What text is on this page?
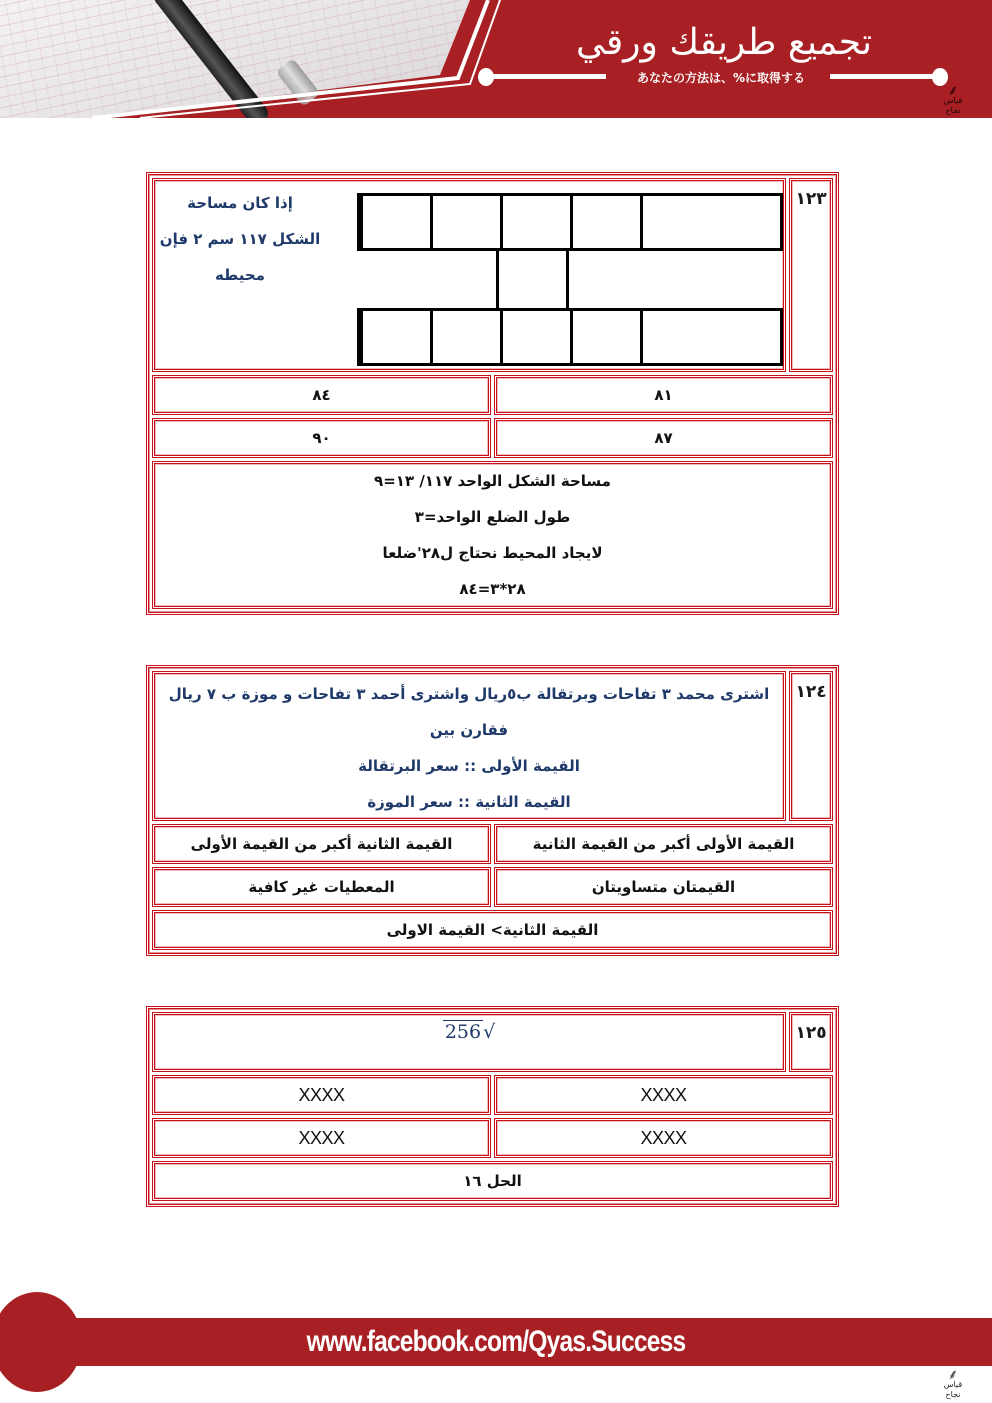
تجميع طريقك ورقي
あなたの方法は、%に取得する
⸙
قياس نجاح
١٢٣
إذا كان مساحة
الشكل ١١٧ سم ٢ فإن
محيطه
٨١
٨٤
٨٧
٩٠
مساحة الشكل الواحد ١١٧/ ١٣=٩
طول الضلع الواحد=٣
لايجاد المحيط نحتاج ل٢٨'ضلعا
٢٨*٣=٨٤
١٢٤
اشترى محمد ٣ تفاحات وبرتقالة ب٥ريال واشترى أحمد ٣ تفاحات و موزة ب ٧ ريال
فقارن بين
القيمة الأولى :: سعر البرتقالة
القيمة الثانية :: سعر الموزة
القيمة الأولى أكبر من القيمة الثانية
القيمة الثانية أكبر من القيمة الأولى
القيمتان متساويتان
المعطيات غير كافية
القيمة الثانية> القيمة الاولى
١٢٥
√256
XXXX
XXXX
XXXX
XXXX
الحل ١٦
www.facebook.com/Qyas.Success
⸙
قياس نجاح
